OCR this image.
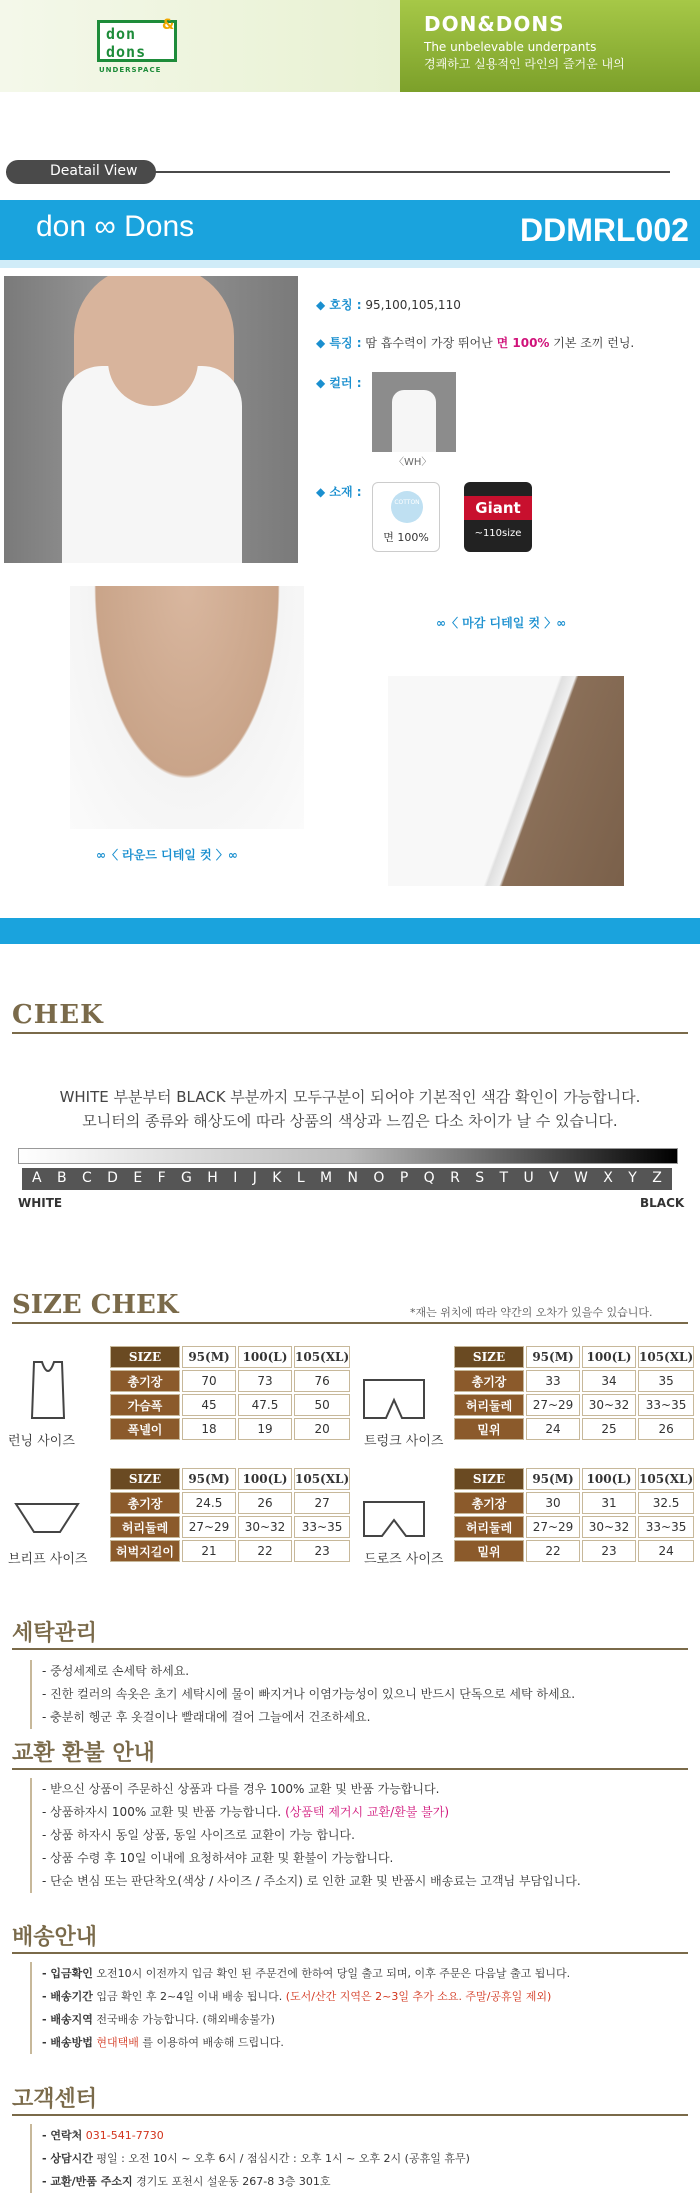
don
dons
&
UNDERSPACE
DON&DONS
The unbelevable underpants
경쾌하고 실용적인 라인의 즐거운 내의
Deatail View
don ∞ Dons	DDMRL002
◆ 호칭 : 95,100,105,110
◆ 특징 : 땀 흡수력이 가장 뛰어난 면 100% 기본 조끼 런닝.
◆ 컬러 :
〈WH〉
◆ 소재 :
COTTON
면 100%
Giant
~110size
∞〈 라운드 디테일 컷 〉∞
∞〈 마감 디테일 컷 〉∞
CHEK
WHITE 부분부터 BLACK 부분까지 모두구분이 되어야 기본적인 색감 확인이 가능합니다.
모니터의 종류와 해상도에 따라 상품의 색상과 느낌은 다소 차이가 날 수 있습니다.
A B C D E F G H I J K L M N O P Q R S T U V W X Y Z
WHITE	BLACK
SIZE CHEK	*재는 위치에 따라 약간의 오차가 있을수 있습니다.
런닝 사이즈
SIZE	95(M)	100(L)	105(XL)
총기장	70	73	76
가슴폭	45	47.5	50
폭넬이	18	19	20
트렁크 사이즈
SIZE	95(M)	100(L)	105(XL)
총기장	33	34	35
허리둘레	27~29	30~32	33~35
밑위	24	25	26
브리프 사이즈
SIZE	95(M)	100(L)	105(XL)
총기장	24.5	26	27
허리둘레	27~29	30~32	33~35
허벅지길이	21	22	23
드로즈 사이즈
SIZE	95(M)	100(L)	105(XL)
총기장	30	31	32.5
허리둘레	27~29	30~32	33~35
밑위	22	23	24
세탁관리
- 중성세제로 손세탁 하세요.
- 진한 컬러의 속옷은 초기 세탁시에 물이 빠지거나 이염가능성이 있으니 반드시 단독으로 세탁 하세요.
- 충분히 헹군 후 옷걸이나 빨래대에 걸어 그늘에서 건조하세요.
교환 환불 안내
- 받으신 상품이 주문하신 상품과 다를 경우 100% 교환 및 반품 가능합니다.
- 상품하자시 100% 교환 및 반품 가능합니다. (상품텍 제거시 교환/환불 불가)
- 상품 하자시 동일 상품, 동일 사이즈로 교환이 가능 합니다.
- 상품 수령 후 10일 이내에 요청하셔야 교환 및 환불이 가능합니다.
- 단순 변심 또는 판단착오(색상 / 사이즈 / 주소지) 로 인한 교환 및 반품시 배송료는 고객님 부담입니다.
배송안내
- 입금확인 오전10시 이전까지 입금 확인 된 주문건에 한하여 당일 출고 되며, 이후 주문은 다음날 출고 됩니다.
- 배송기간 입금 확인 후 2~4일 이내 배송 됩니다. (도서/산간 지역은 2~3일 추가 소요. 주말/공휴일 제외)
- 배송지역 전국배송 가능합니다. (해외배송불가)
- 배송방법 현대택배 를 이용하여 배송해 드립니다.
고객센터
- 연락처 031-541-7730
- 상담시간 평일 : 오전 10시 ~ 오후 6시 / 점심시간 : 오후 1시 ~ 오후 2시 (공휴일 휴무)
- 교환/반품 주소지 경기도 포천시 설운동 267-8 3층 301호
